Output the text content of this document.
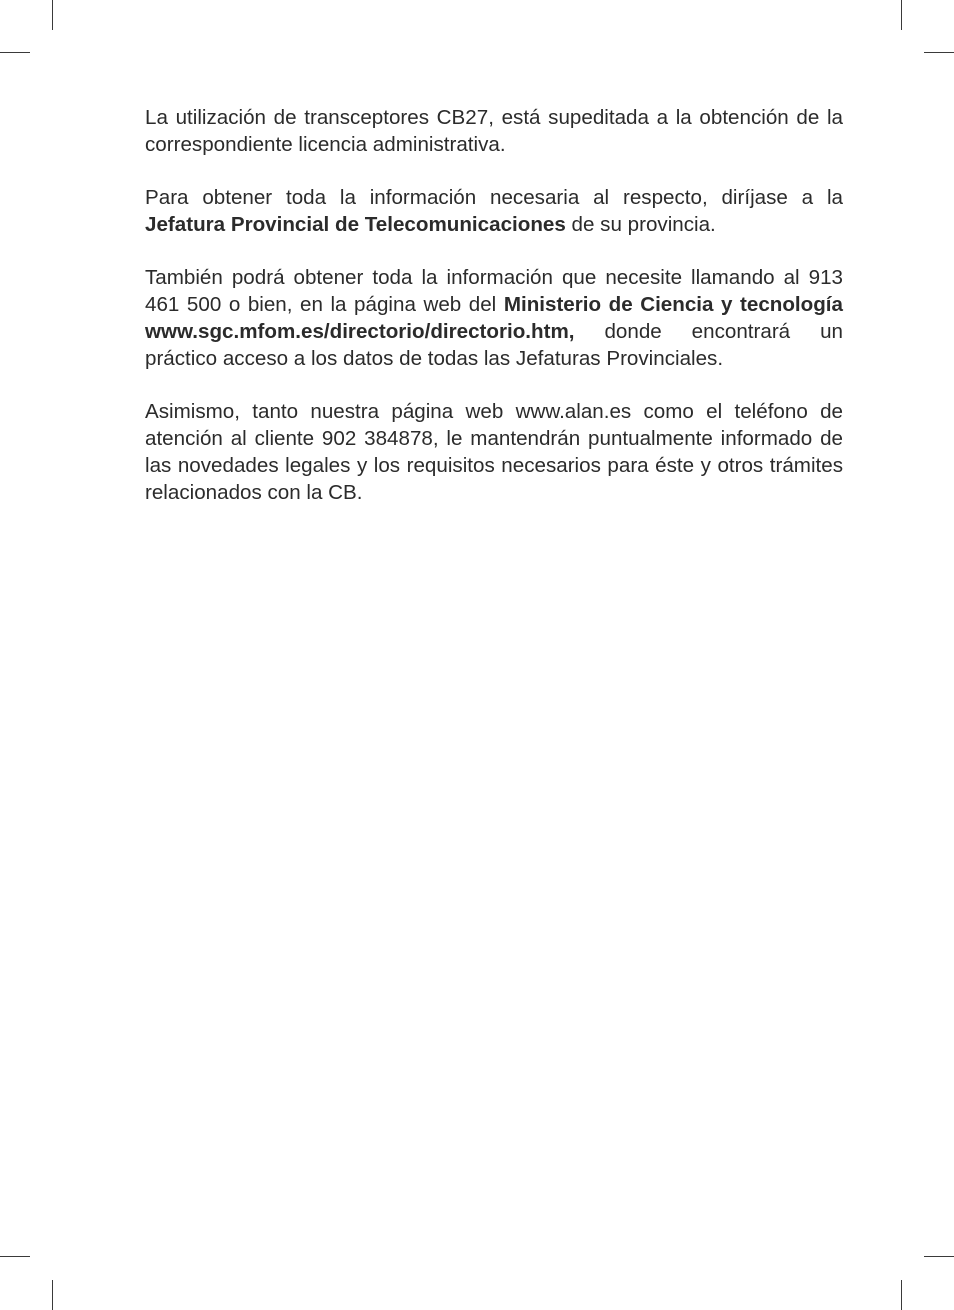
La utilización de transceptores CB27, está supeditada a la obtención de la correspondiente licencia administrativa.

Para obtener toda la información necesaria al respecto, diríjase a la Jefatura Provincial de Telecomunicaciones de su provincia.

También podrá obtener toda la información que necesite llamando al 913 461 500 o bien, en la página web del Ministerio de Ciencia y tecnología www.sgc.mfom.es/directorio/directorio.htm, donde encontrará un práctico acceso a los datos de todas las Jefaturas Provinciales.

Asimismo, tanto nuestra página web www.alan.es como el teléfono de atención al cliente 902 384878, le mantendrán puntualmente informado de las novedades legales y los requisitos necesarios para éste y otros trámites relacionados con la CB.
